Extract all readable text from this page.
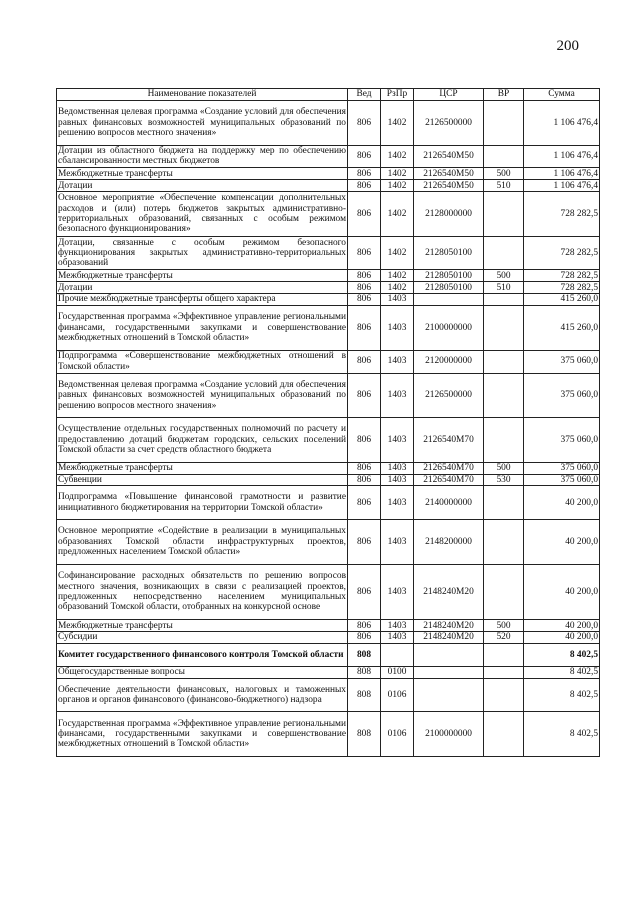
200
Наименование показателей	Вед	РзПр	ЦСР	ВР	Сумма
Ведомственная целевая программа «Создание условий для обеспечения равных финансовых возможностей муниципальных образований по решению вопросов местного значения»	806	1402	2126500000		1 106 476,4
Дотации из областного бюджета на поддержку мер по обеспечению сбалансированности местных бюджетов	806	1402	2126540М50		1 106 476,4
Межбюджетные трансферты	806	1402	2126540М50	500	1 106 476,4
Дотации	806	1402	2126540М50	510	1 106 476,4
Основное мероприятие «Обеспечение компенсации дополнительных расходов и (или) потерь бюджетов закрытых административно-территориальных образований, связанных с особым режимом безопасного функционирования»	806	1402	2128000000		728 282,5
Дотации, связанные с особым режимом безопасного функционирования закрытых административно-территориальных образований	806	1402	2128050100		728 282,5
Межбюджетные трансферты	806	1402	2128050100	500	728 282,5
Дотации	806	1402	2128050100	510	728 282,5
Прочие межбюджетные трансферты общего характера	806	1403			415 260,0
Государственная программа «Эффективное управление региональными финансами, государственными закупками и совершенствование межбюджетных отношений в Томской области»	806	1403	2100000000		415 260,0
Подпрограмма «Совершенствование межбюджетных отношений в Томской области»	806	1403	2120000000		375 060,0
Ведомственная целевая программа «Создание условий для обеспечения равных финансовых возможностей муниципальных образований по решению вопросов местного значения»	806	1403	2126500000		375 060,0
Осуществление отдельных государственных полномочий по расчету и предоставлению дотаций бюджетам городских, сельских поселений Томской области за счет средств областного бюджета	806	1403	2126540М70		375 060,0
Межбюджетные трансферты	806	1403	2126540М70	500	375 060,0
Субвенции	806	1403	2126540М70	530	375 060,0
Подпрограмма «Повышение финансовой грамотности и развитие инициативного бюджетирования на территории Томской области»	806	1403	2140000000		40 200,0
Основное мероприятие «Содействие в реализации в муниципальных образованиях Томской области инфраструктурных проектов, предложенных населением Томской области»	806	1403	2148200000		40 200,0
Софинансирование расходных обязательств по решению вопросов местного значения, возникающих в связи с реализацией проектов, предложенных непосредственно населением муниципальных образований Томской области, отобранных на конкурсной основе	806	1403	2148240М20		40 200,0
Межбюджетные трансферты	806	1403	2148240М20	500	40 200,0
Субсидии	806	1403	2148240М20	520	40 200,0
Комитет государственного финансового контроля Томской области	808				8 402,5
Общегосударственные вопросы	808	0100			8 402,5
Обеспечение деятельности финансовых, налоговых и таможенных органов и органов финансового (финансово-бюджетного) надзора	808	0106			8 402,5
Государственная программа «Эффективное управление региональными финансами, государственными закупками и совершенствование межбюджетных отношений в Томской области»	808	0106	2100000000		8 402,5
